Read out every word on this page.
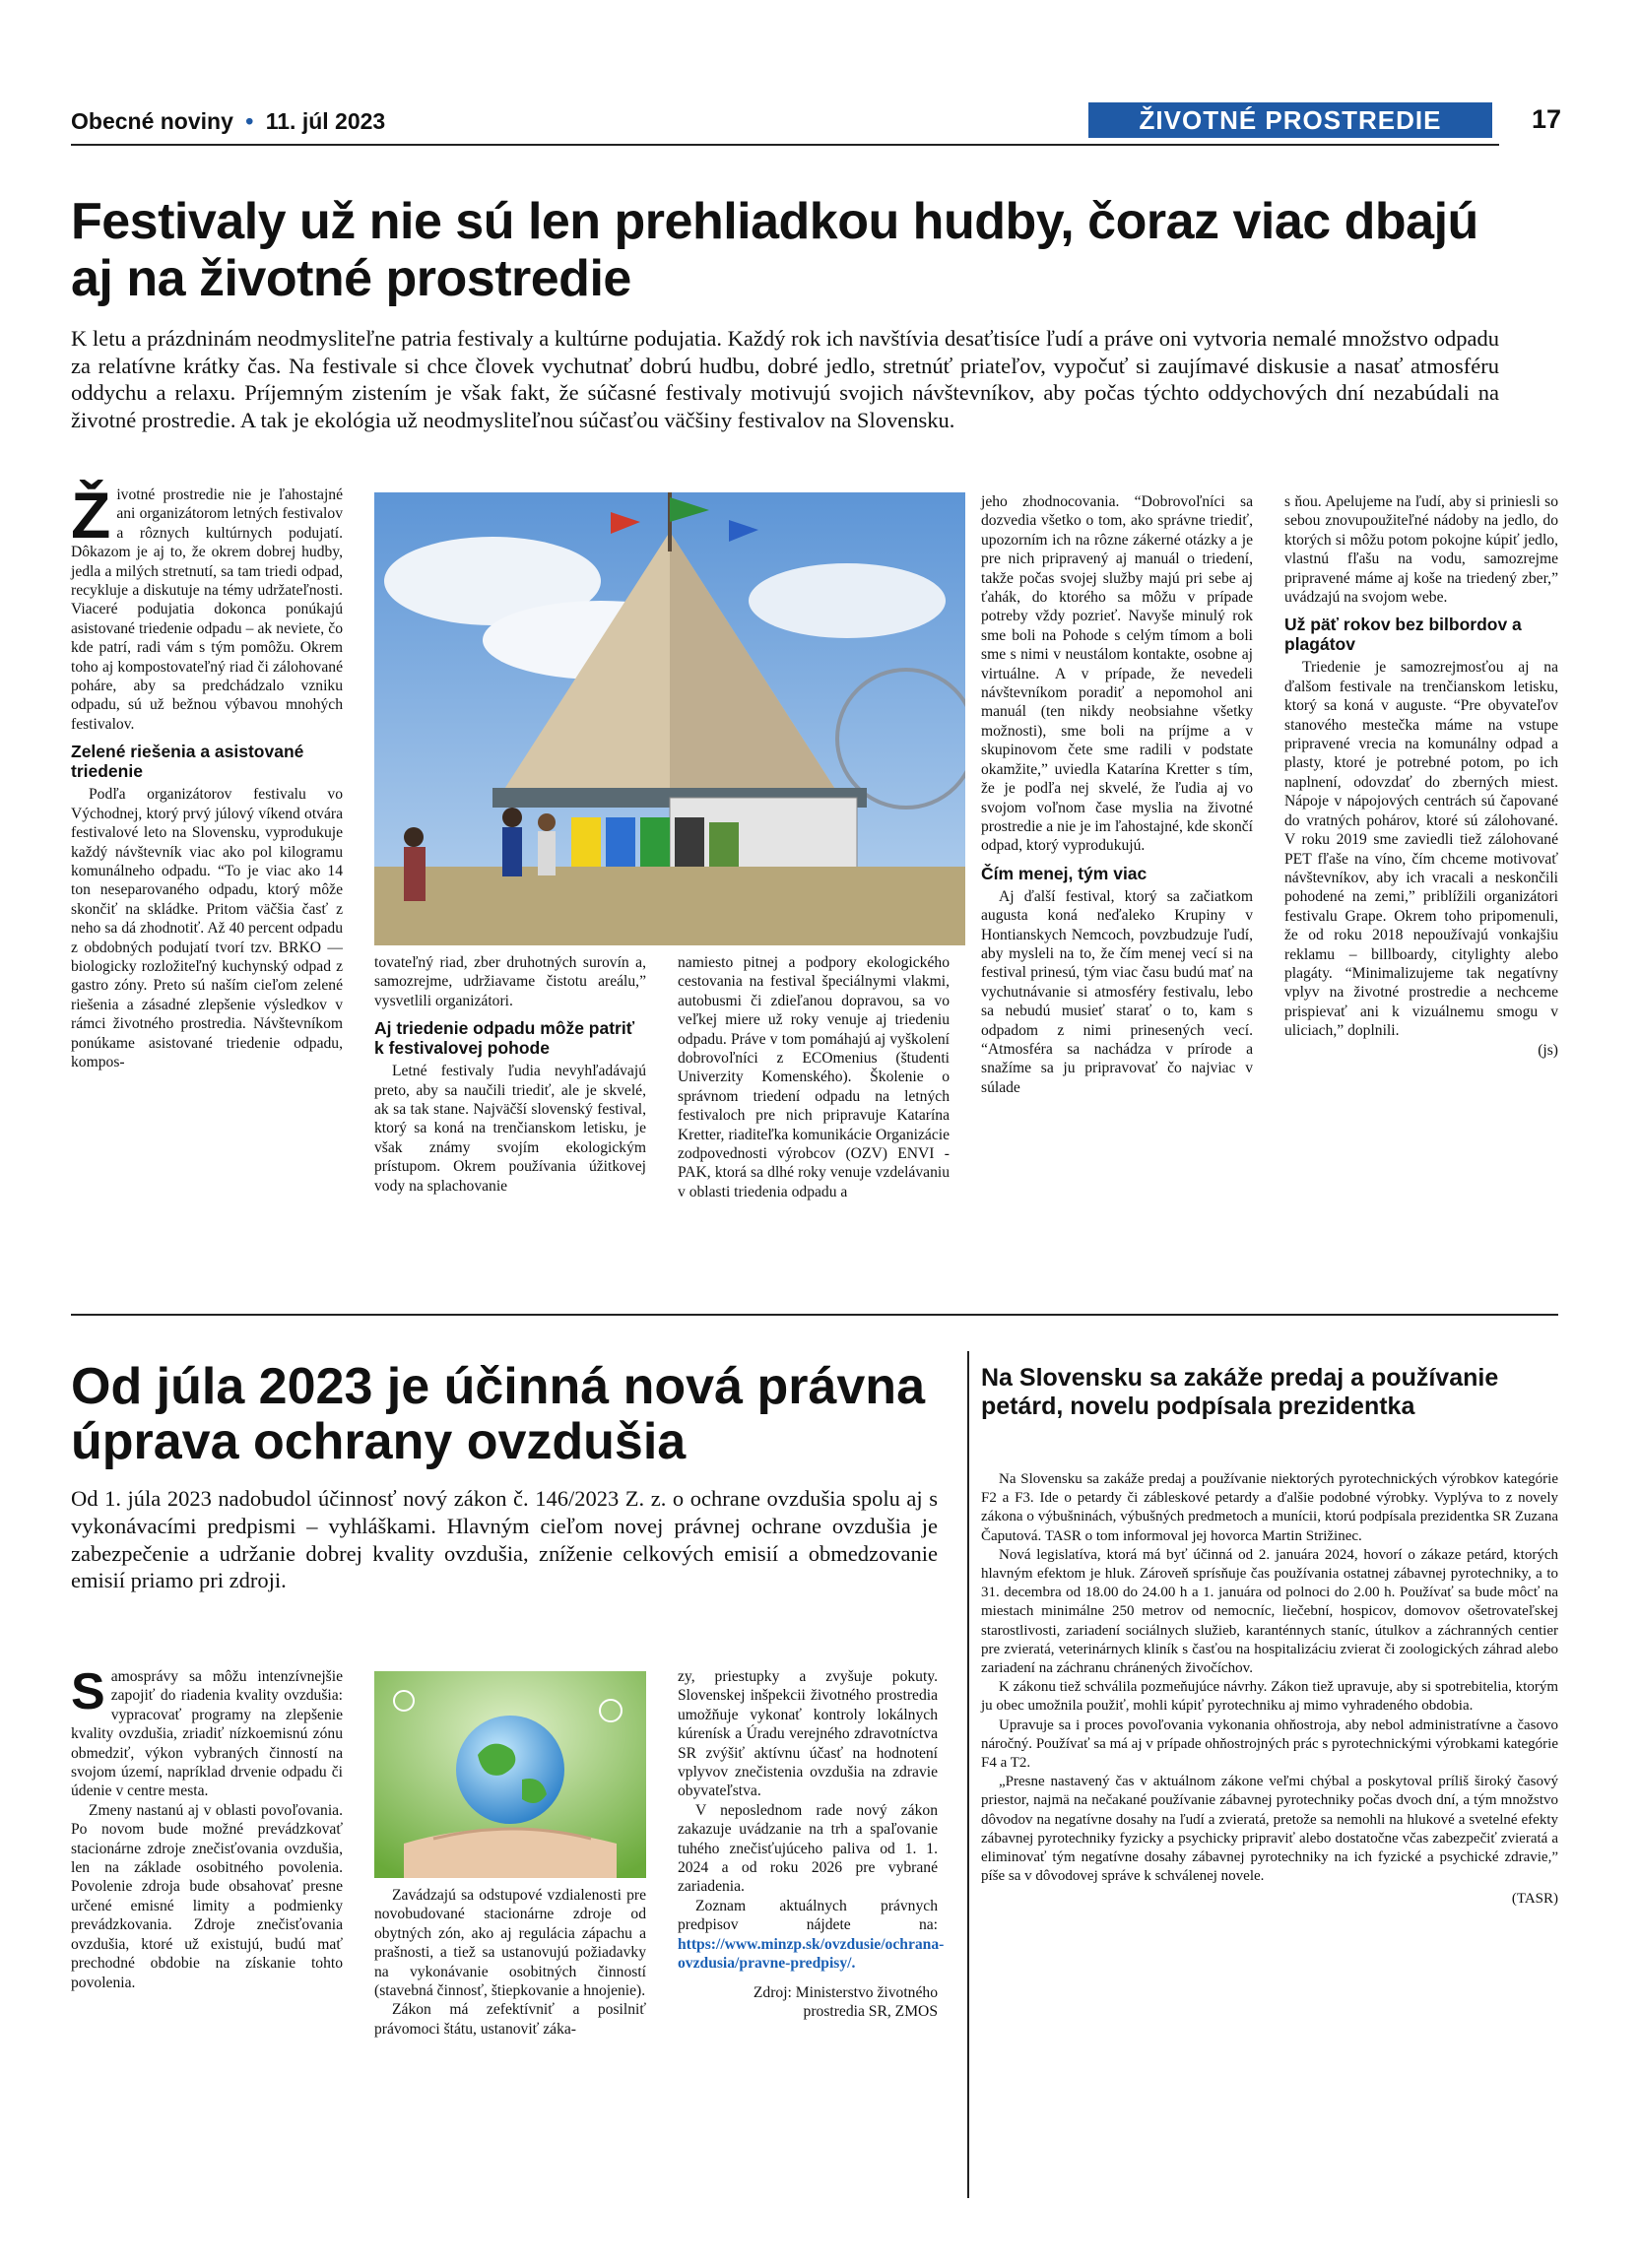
Obecné noviny • 11. júl 2023	ŽIVOTNÉ PROSTREDIE	17
Festivaly už nie sú len prehliadkou hudby, čoraz viac dbajú aj na životné prostredie
K letu a prázdninám neodmysliteľne patria festivaly a kultúrne podujatia. Každý rok ich navštívia desaťtisíce ľudí a práve oni vytvoria nemalé množstvo odpadu za relatívne krátky čas. Na festivale si chce človek vychutnať dobrú hudbu, dobré jedlo, stretnúť priateľov, vypočuť si zaujímavé diskusie a nasať atmosféru oddychu a relaxu. Príjemným zistením je však fakt, že súčasné festivaly motivujú svojich návštevníkov, aby počas týchto oddychových dní nezabúdali na životné prostredie. A tak je ekológia už neodmysliteľnou súčasťou väčšiny festivalov na Slovensku.

Životné prostredie nie je ľahostajné ani organizátorom letných festivalov a rôznych kultúrnych podujatí. Dôkazom je aj to, že okrem dobrej hudby, jedla a milých stretnutí, sa tam triedi odpad, recykluje a diskutuje na témy udržateľnosti. Viaceré podujatia dokonca ponúkajú asistované triedenie odpadu – ak neviete, čo kde patrí, radi vám s tým pomôžu. Okrem toho aj kompostovateľný riad či zálohované poháre, aby sa predchádzalo vzniku odpadu, sú už bežnou výbavou mnohých festivalov.

Zelené riešenia a asistované triedenie

Podľa organizátorov festivalu vo Východnej, ktorý prvý júlový víkend otvára festivalové leto na Slovensku, vyprodukuje každý návštevník viac ako pol kilogramu komunálneho odpadu. “To je viac ako 14 ton neseparovaného odpadu, ktorý môže skončiť na skládke. Pritom väčšia časť z neho sa dá zhodnotiť. Až 40 percent odpadu z obdobných podujatí tvorí tzv. BRKO — biologicky rozložiteľný kuchynský odpad z gastro zóny. Preto sú naším cieľom zelené riešenia a zásadné zlepšenie výsledkov v rámci životného prostredia. Návštevníkom ponúkame asistované triedenie odpadu, kompos-

tovateľný riad, zber druhotných surovín a, samozrejme, udržiavame čistotu areálu,” vysvetlili organizátori.

Aj triedenie odpadu môže patriť k festivalovej pohode

Letné festivaly ľudia nevyhľadávajú preto, aby sa naučili triediť, ale je skvelé, ak sa tak stane. Najväčší slovenský festival, ktorý sa koná na trenčianskom letisku, je však známy svojím ekologickým prístupom. Okrem používania úžitkovej vody na splachovanie

namiesto pitnej a podpory ekologického cestovania na festival špeciálnymi vlakmi, autobusmi či zdieľanou dopravou, sa vo veľkej miere už roky venuje aj triedeniu odpadu. Práve v tom pomáhajú aj vyškolení dobrovoľníci z ECOmenius (študenti Univerzity Komenského). Školenie o správnom triedení odpadu na letných festivaloch pre nich pripravuje Katarína Kretter, riaditeľka komunikácie Organizácie zodpovednosti výrobcov (OZV) ENVI - PAK, ktorá sa dlhé roky venuje vzdelávaniu v oblasti triedenia odpadu a

jeho zhodnocovania. “Dobrovoľníci sa dozvedia všetko o tom, ako správne triediť, upozorním ich na rôzne zákerné otázky a je pre nich pripravený aj manuál o triedení, takže počas svojej služby majú pri sebe aj ťahák, do ktorého sa môžu v prípade potreby vždy pozrieť. Navyše minulý rok sme boli na Pohode s celým tímom a boli sme s nimi v neustálom kontakte, osobne aj virtuálne. A v prípade, že nevedeli návštevníkom poradiť a nepomohol ani manuál (ten nikdy neobsiahne všetky možnosti), sme boli na príjme a v skupinovom čete sme radili v podstate okamžite,” uviedla Katarína Kretter s tím, že je podľa nej skvelé, že ľudia aj vo svojom voľnom čase myslia na životné prostredie a nie je im ľahostajné, kde skončí odpad, ktorý vyprodukujú.

Čím menej, tým viac

Aj ďalší festival, ktorý sa začiatkom augusta koná neďaleko Krupiny v Hontianskych Nemcoch, povzbudzuje ľudí, aby mysleli na to, že čím menej vecí si na festival prinesú, tým viac času budú mať na vychutnávanie si atmosféry festivalu, lebo sa nebudú musieť starať o to, kam s odpadom z nimi prinesených vecí. “Atmosféra sa nachádza v prírode a snažíme sa ju pripravovať čo najviac v súlade

s ňou. Apelujeme na ľudí, aby si priniesli so sebou znovupoužiteľné nádoby na jedlo, do ktorých si môžu potom pokojne kúpiť jedlo, vlastnú fľašu na vodu, samozrejme pripravené máme aj koše na triedený zber,” uvádzajú na svojom webe.

Už päť rokov bez bilbordov a plagátov

Triedenie je samozrejmosťou aj na ďalšom festivale na trenčianskom letisku, ktorý sa koná v auguste. “Pre obyvateľov stanového mestečka máme na vstupe pripravené vrecia na komunálny odpad a plasty, ktoré je potrebné potom, po ich naplnení, odovzdať do zberných miest. Nápoje v nápojových centrách sú čapované do vratných pohárov, ktoré sú zálohované. V roku 2019 sme zaviedli tiež zálohované PET fľaše na víno, čím chceme motivovať návštevníkov, aby ich vracali a neskončili pohodené na zemi,” priblížili organizátori festivalu Grape. Okrem toho pripomenuli, že od roku 2018 nepoužívajú vonkajšiu reklamu – billboardy, citylighty alebo plagáty. “Minimalizujeme tak negatívny vplyv na životné prostredie a nechceme prispievať ani k vizuálnemu smogu v uliciach,” doplnili.

(js)
Od júla 2023 je účinná nová právna úprava ochrany ovzdušia
Od 1. júla 2023 nadobudol účinnosť nový zákon č. 146/2023 Z. z. o ochrane ovzdušia spolu aj s vykonávacími predpismi – vyhláškami. Hlavným cieľom novej právnej ochrane ovzdušia je zabezpečenie a udržanie dobrej kvality ovzdušia, zníženie celkových emisií a obmedzovanie emisií priamo pri zdroji.

Samosprávy sa môžu intenzívnejšie zapojiť do riadenia kvality ovzdušia: vypracovať programy na zlepšenie kvality ovzdušia, zriadiť nízkoemisnú zónu obmedziť, výkon vybraných činností na svojom území, napríklad drvenie odpadu či údenie v centre mesta.

Zmeny nastanú aj v oblasti povoľovania. Po novom bude možné prevádzkovať stacionárne zdroje znečisťovania ovzdušia, len na základe osobitného povolenia. Povolenie zdroja bude obsahovať presne určené emisné limity a podmienky prevádzkovania. Zdroje znečisťovania ovzdušia, ktoré už existujú, budú mať prechodné obdobie na získanie tohto povolenia.

Zavádzajú sa odstupové vzdialenosti pre novobudované stacionárne zdroje od obytných zón, ako aj regulácia zápachu a prašnosti, a tiež sa ustanovujú požiadavky na vykonávanie osobitných činností (stavebná činnosť, štiepkovanie a hnojenie).

Zákon má zefektívniť a posilniť právomoci štátu, ustanoviť záka-

zy, priestupky a zvyšuje pokuty. Slovenskej inšpekcii životného prostredia umožňuje vykonať kontroly lokálnych kúrenísk a Úradu verejného zdravotníctva SR zvýšiť aktívnu účasť na hodnotení vplyvov znečistenia ovzdušia na zdravie obyvateľstva.

V neposlednom rade nový zákon zakazuje uvádzanie na trh a spaľovanie tuhého znečisťujúceho paliva od 1. 1. 2024 a od roku 2026 pre vybrané zariadenia.

Zoznam aktuálnych právnych predpisov nájdete na: https://www.minzp.sk/ovzdusie/ochrana-ovzdusia/pravne-predpisy/.

Zdroj: Ministerstvo životného prostredia SR, ZMOS

Na Slovensku sa zakáže predaj a používanie petárd, novelu podpísala prezidentka

Na Slovensku sa zakáže predaj a používanie niektorých pyrotechnických výrobkov kategórie F2 a F3. Ide o petardy či zábleskové petardy a ďalšie podobné výrobky. Vyplýva to z novely zákona o výbušninách, výbušných predmetoch a munícii, ktorú podpísala prezidentka SR Zuzana Čaputová. TASR o tom informoval jej hovorca Martin Strižinec.

Nová legislatíva, ktorá má byť účinná od 2. januára 2024, hovorí o zákaze petárd, ktorých hlavným efektom je hluk. Zároveň sprísňuje čas používania ostatnej zábavnej pyrotechniky, a to 31. decembra od 18.00 do 24.00 h a 1. januára od polnoci do 2.00 h. Používať sa bude môcť na miestach minimálne 250 metrov od nemocníc, liečební, hospicov, domovov ošetrovateľskej starostlivosti, zariadení sociálnych služieb, karanténnych staníc, útulkov a záchranných centier pre zvieratá, veterinárnych kliník s časťou na hospitalizáciu zvierat či zoologických záhrad alebo zariadení na záchranu chránených živočíchov.

K zákonu tiež schválila pozmeňujúce návrhy. Zákon tiež upravuje, aby si spotrebitelia, ktorým ju obec umožnila použiť, mohli kúpiť pyrotechniku aj mimo vyhradeného obdobia.

Upravuje sa i proces povoľovania vykonania ohňostroja, aby nebol administratívne a časovo náročný. Používať sa má aj v prípade ohňostrojných prác s pyrotechnickými výrobkami kategórie F4 a T2.

„Presne nastavený čas v aktuálnom zákone veľmi chýbal a poskytoval príliš široký časový priestor, najmä na nečakané používanie zábavnej pyrotechniky počas dvoch dní, a tým množstvo dôvodov na negatívne dosahy na ľudí a zvieratá, pretože sa nemohli na hlukové a svetelné efekty zábavnej pyrotechniky fyzicky a psychicky pripraviť alebo dostatočne včas zabezpečiť zvieratá a eliminovať tým negatívne dosahy zábavnej pyrotechniky na ich fyzické a psychické zdravie,” píše sa v dôvodovej správe k schválenej novele.

(TASR)
